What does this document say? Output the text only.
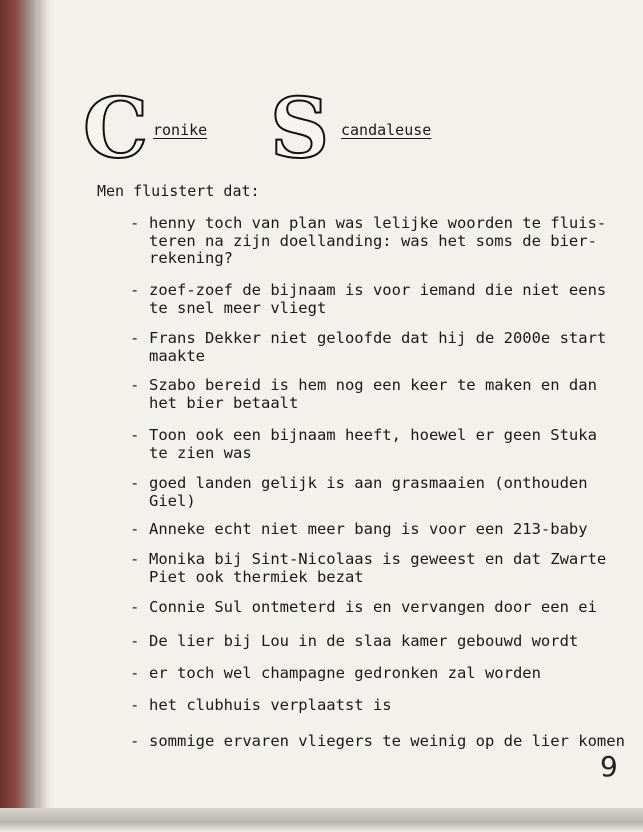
C ronike S candaleuse
Men fluistert dat:
- henny toch van plan was lelijke woorden te fluis-
teren na zijn doellanding: was het soms de bier-
rekening?
- zoef-zoef de bijnaam is voor iemand die niet eens
te snel meer vliegt
- Frans Dekker niet geloofde dat hij de 2000e start
maakte
- Szabo bereid is hem nog een keer te maken en dan
het bier betaalt
- Toon ook een bijnaam heeft, hoewel er geen Stuka
te zien was
- goed landen gelijk is aan grasmaaien (onthouden
Giel)
- Anneke echt niet meer bang is voor een 213-baby
- Monika bij Sint-Nicolaas is geweest en dat Zwarte
Piet ook thermiek bezat
- Connie Sul ontmeterd is en vervangen door een ei
- De lier bij Lou in de slaa kamer gebouwd wordt
- er toch wel champagne gedronken zal worden
- het clubhuis verplaatst is
- sommige ervaren vliegers te weinig op de lier komen
9
